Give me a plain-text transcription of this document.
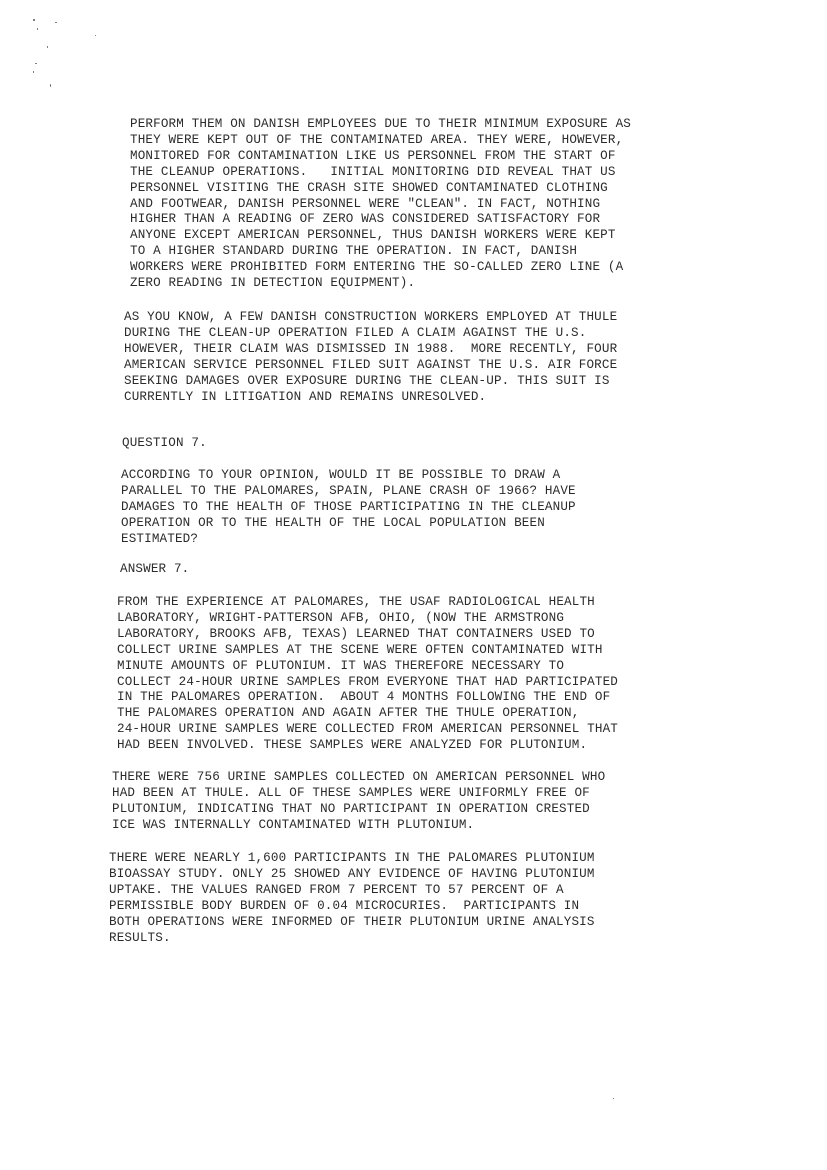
PERFORM THEM ON DANISH EMPLOYEES DUE TO THEIR MINIMUM EXPOSURE AS
THEY WERE KEPT OUT OF THE CONTAMINATED AREA. THEY WERE, HOWEVER,
MONITORED FOR CONTAMINATION LIKE US PERSONNEL FROM THE START OF
THE CLEANUP OPERATIONS.   INITIAL MONITORING DID REVEAL THAT US
PERSONNEL VISITING THE CRASH SITE SHOWED CONTAMINATED CLOTHING
AND FOOTWEAR, DANISH PERSONNEL WERE "CLEAN". IN FACT, NOTHING
HIGHER THAN A READING OF ZERO WAS CONSIDERED SATISFACTORY FOR
ANYONE EXCEPT AMERICAN PERSONNEL, THUS DANISH WORKERS WERE KEPT
TO A HIGHER STANDARD DURING THE OPERATION. IN FACT, DANISH
WORKERS WERE PROHIBITED FORM ENTERING THE SO-CALLED ZERO LINE (A
ZERO READING IN DETECTION EQUIPMENT).
AS YOU KNOW, A FEW DANISH CONSTRUCTION WORKERS EMPLOYED AT THULE
DURING THE CLEAN-UP OPERATION FILED A CLAIM AGAINST THE U.S.
HOWEVER, THEIR CLAIM WAS DISMISSED IN 1988.  MORE RECENTLY, FOUR
AMERICAN SERVICE PERSONNEL FILED SUIT AGAINST THE U.S. AIR FORCE
SEEKING DAMAGES OVER EXPOSURE DURING THE CLEAN-UP. THIS SUIT IS
CURRENTLY IN LITIGATION AND REMAINS UNRESOLVED.
QUESTION 7.
ACCORDING TO YOUR OPINION, WOULD IT BE POSSIBLE TO DRAW A
PARALLEL TO THE PALOMARES, SPAIN, PLANE CRASH OF 1966? HAVE
DAMAGES TO THE HEALTH OF THOSE PARTICIPATING IN THE CLEANUP
OPERATION OR TO THE HEALTH OF THE LOCAL POPULATION BEEN
ESTIMATED?
ANSWER 7.
FROM THE EXPERIENCE AT PALOMARES, THE USAF RADIOLOGICAL HEALTH
LABORATORY, WRIGHT-PATTERSON AFB, OHIO, (NOW THE ARMSTRONG
LABORATORY, BROOKS AFB, TEXAS) LEARNED THAT CONTAINERS USED TO
COLLECT URINE SAMPLES AT THE SCENE WERE OFTEN CONTAMINATED WITH
MINUTE AMOUNTS OF PLUTONIUM. IT WAS THEREFORE NECESSARY TO
COLLECT 24-HOUR URINE SAMPLES FROM EVERYONE THAT HAD PARTICIPATED
IN THE PALOMARES OPERATION.  ABOUT 4 MONTHS FOLLOWING THE END OF
THE PALOMARES OPERATION AND AGAIN AFTER THE THULE OPERATION,
24-HOUR URINE SAMPLES WERE COLLECTED FROM AMERICAN PERSONNEL THAT
HAD BEEN INVOLVED. THESE SAMPLES WERE ANALYZED FOR PLUTONIUM.
THERE WERE 756 URINE SAMPLES COLLECTED ON AMERICAN PERSONNEL WHO
HAD BEEN AT THULE. ALL OF THESE SAMPLES WERE UNIFORMLY FREE OF
PLUTONIUM, INDICATING THAT NO PARTICIPANT IN OPERATION CRESTED
ICE WAS INTERNALLY CONTAMINATED WITH PLUTONIUM.
THERE WERE NEARLY 1,600 PARTICIPANTS IN THE PALOMARES PLUTONIUM
BIOASSAY STUDY. ONLY 25 SHOWED ANY EVIDENCE OF HAVING PLUTONIUM
UPTAKE. THE VALUES RANGED FROM 7 PERCENT TO 57 PERCENT OF A
PERMISSIBLE BODY BURDEN OF 0.04 MICROCURIES.  PARTICIPANTS IN
BOTH OPERATIONS WERE INFORMED OF THEIR PLUTONIUM URINE ANALYSIS
RESULTS.
